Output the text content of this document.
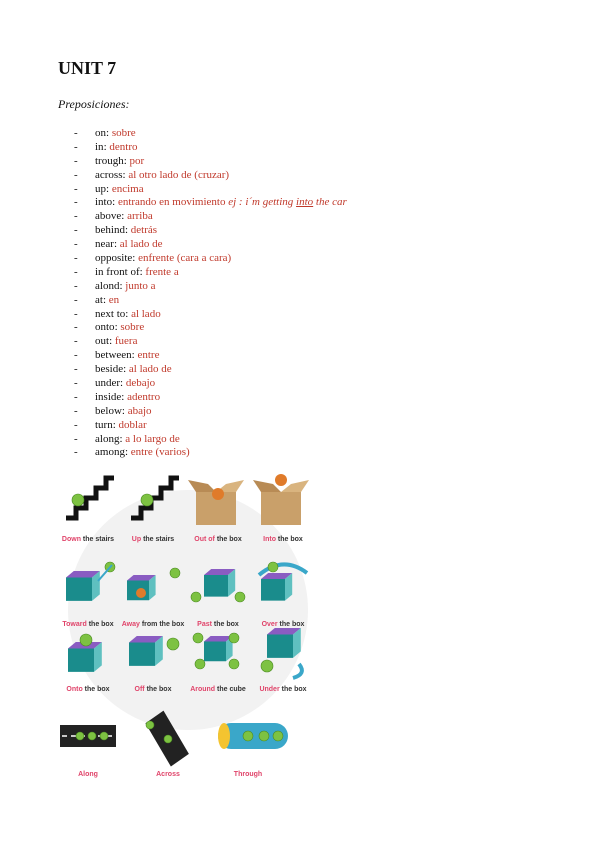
UNIT 7
Preposiciones:
- on: sobre
- in: dentro
- trough: por
- across: al otro lado de (cruzar)
- up: encima
- into: entrando en movimiento ej : i´m getting into the car
- above: arriba
- behind: detrás
- near: al lado de
- opposite: enfrente (cara a cara)
- in front of: frente a
- alond: junto a
- at: en
- next to: al lado
- onto: sobre
- out: fuera
- between: entre
- beside: al lado de
- under: debajo
- inside: adentro
- below: abajo
- turn: doblar
- along: a lo largo de
- among: entre (varios)
Down the stairs	Up the stairs	Out of the box	Into the box
Toward the box	Away from the box	Past the box	Over the box
Onto the box	Off the box	Around the cube	Under the box
Along	Across	Through
